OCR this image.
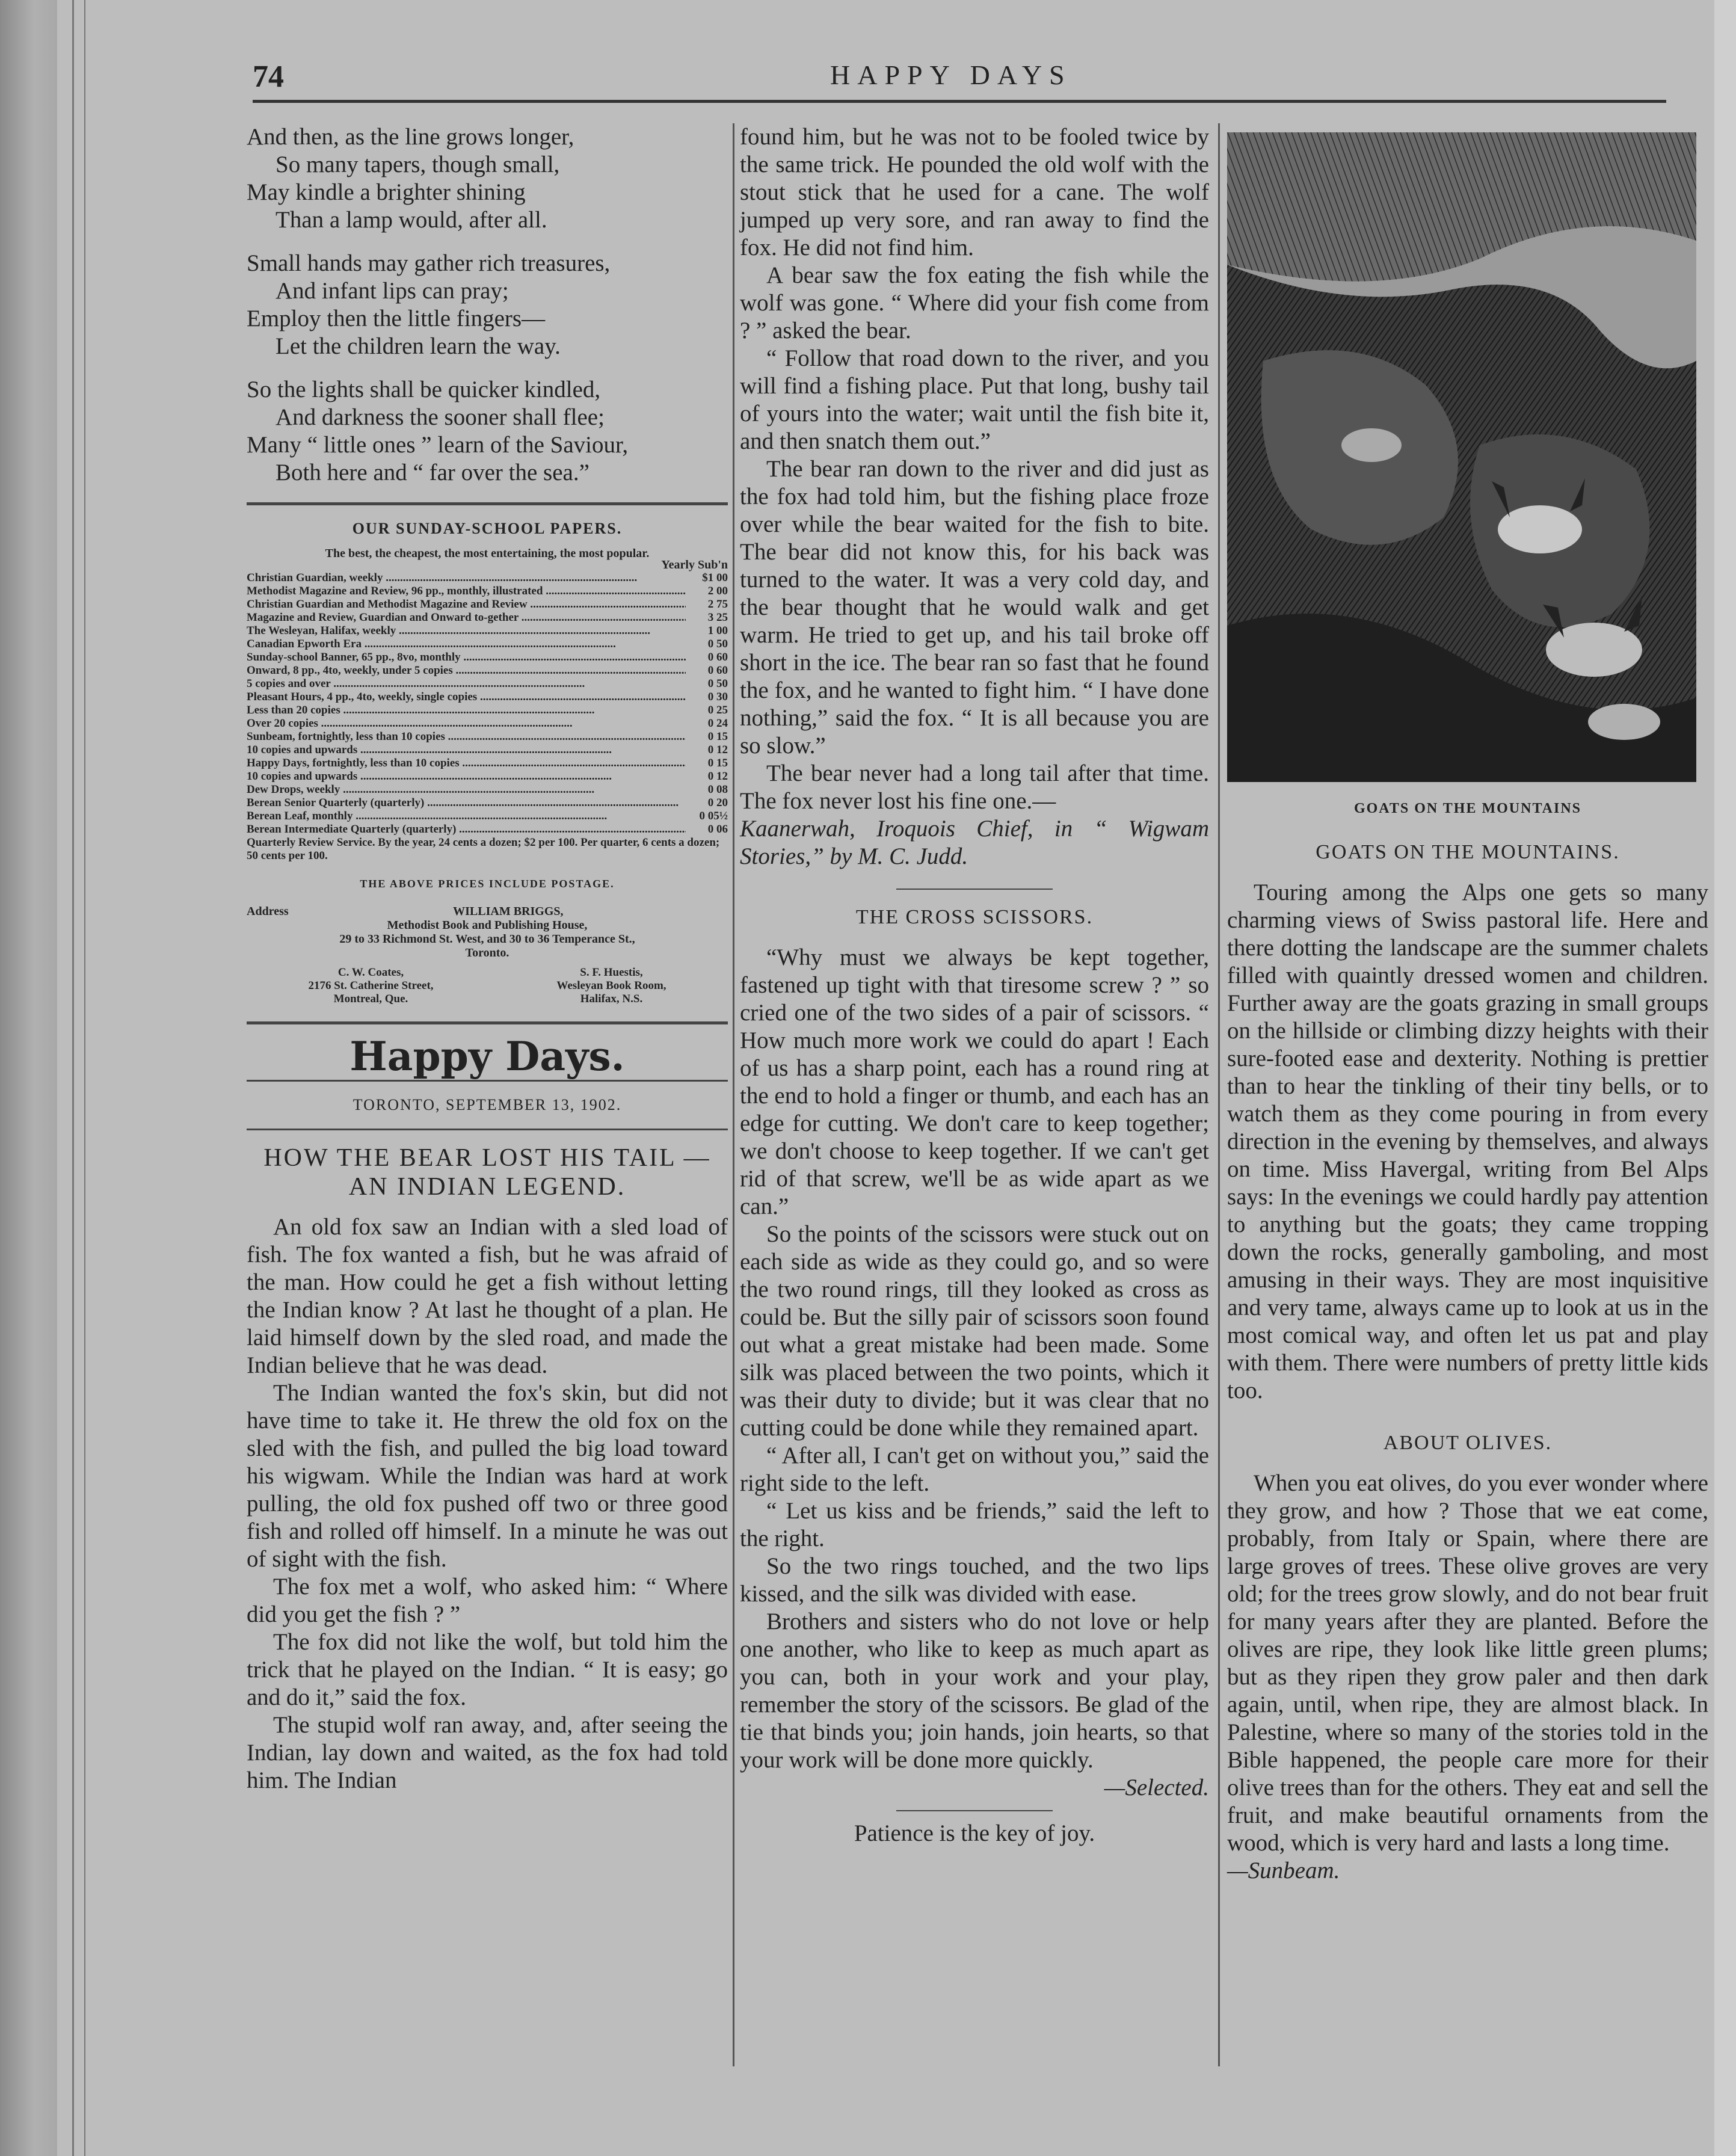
74	HAPPY DAYS
And then, as the line grows longer,
So many tapers, though small,
May kindle a brighter shining
Than a lamp would, after all.
Small hands may gather rich treasures,
And infant lips can pray;
Employ then the little fingers—
Let the children learn the way.
So the lights shall be quicker kindled,
And darkness the sooner shall flee;
Many “ little ones ” learn of the Saviour,
Both here and “ far over the sea.”
OUR SUNDAY-SCHOOL PAPERS.
The best, the cheapest, the most entertaining, the most popular.
Yearly Sub'n
Christian Guardian, weekly .....	$1 00
Methodist Magazine and Review, 96 pp., monthly, illustrated .....	2 00
Christian Guardian and Methodist Magazine and Review .....	2 75
Magazine and Review, Guardian and Onward to-gether .....	3 25
The Wesleyan, Halifax, weekly .....	1 00
Canadian Epworth Era .....	0 50
Sunday-school Banner, 65 pp., 8vo, monthly .....	0 60
Onward, 8 pp., 4to, weekly, under 5 copies .....	0 60
5 copies and over .....	0 50
Pleasant Hours, 4 pp., 4to, weekly, single copies .....	0 30
Less than 20 copies .....	0 25
Over 20 copies .....	0 24
Sunbeam, fortnightly, less than 10 copies .....	0 15
10 copies and upwards .....	0 12
Happy Days, fortnightly, less than 10 copies .....	0 15
10 copies and upwards .....	0 12
Dew Drops, weekly .....	0 08
Berean Senior Quarterly (quarterly) .....	0 20
Berean Leaf, monthly .....	0 05½
Berean Intermediate Quarterly (quarterly) .....	0 06
Quarterly Review Service. By the year, 24 cents a dozen; $2 per 100. Per quarter, 6 cents a dozen; 50 cents per 100.
THE ABOVE PRICES INCLUDE POSTAGE.
Address	WILLIAM BRIGGS,
Methodist Book and Publishing House,
29 to 33 Richmond St. West, and 30 to 36 Temperance St.,
Toronto.
C. W. Coates,
2176 St. Catherine Street,
Montreal, Que.
S. F. Huestis,
Wesleyan Book Room,
Halifax, N.S.
Happy Days.
TORONTO, SEPTEMBER 13, 1902.
HOW THE BEAR LOST HIS TAIL —AN INDIAN LEGEND.

An old fox saw an Indian with a sled load of fish. The fox wanted a fish, but he was afraid of the man. How could he get a fish without letting the Indian know ? At last he thought of a plan. He laid himself down by the sled road, and made the Indian believe that he was dead.

The Indian wanted the fox's skin, but did not have time to take it. He threw the old fox on the sled with the fish, and pulled the big load toward his wigwam. While the Indian was hard at work pulling, the old fox pushed off two or three good fish and rolled off himself. In a minute he was out of sight with the fish.

The fox met a wolf, who asked him: “ Where did you get the fish ? ”

The fox did not like the wolf, but told him the trick that he played on the Indian. “ It is easy; go and do it,” said the fox.

The stupid wolf ran away, and, after seeing the Indian, lay down and waited, as the fox had told him. The Indian

found him, but he was not to be fooled twice by the same trick. He pounded the old wolf with the stout stick that he used for a cane. The wolf jumped up very sore, and ran away to find the fox. He did not find him.

A bear saw the fox eating the fish while the wolf was gone. “ Where did your fish come from ? ” asked the bear.

“ Follow that road down to the river, and you will find a fishing place. Put that long, bushy tail of yours into the water; wait until the fish bite it, and then snatch them out.”

The bear ran down to the river and did just as the fox had told him, but the fishing place froze over while the bear waited for the fish to bite. The bear did not know this, for his back was turned to the water. It was a very cold day, and the bear thought that he would walk and get warm. He tried to get up, and his tail broke off short in the ice. The bear ran so fast that he found the fox, and he wanted to fight him. “ I have done nothing,” said the fox. “ It is all because you are so slow.”

The bear never had a long tail after that time. The fox never lost his fine one.—

Kaanerwah, Iroquois Chief, in “ Wigwam Stories,” by M. C. Judd.

THE CROSS SCISSORS.

“Why must we always be kept together, fastened up tight with that tiresome screw ? ” so cried one of the two sides of a pair of scissors. “ How much more work we could do apart ! Each of us has a sharp point, each has a round ring at the end to hold a finger or thumb, and each has an edge for cutting. We don't care to keep together; we don't choose to keep together. If we can't get rid of that screw, we'll be as wide apart as we can.”

So the points of the scissors were stuck out on each side as wide as they could go, and so were the two round rings, till they looked as cross as could be. But the silly pair of scissors soon found out what a great mistake had been made. Some silk was placed between the two points, which it was their duty to divide; but it was clear that no cutting could be done while they remained apart.

“ After all, I can't get on without you,” said the right side to the left.

“ Let us kiss and be friends,” said the left to the right.

So the two rings touched, and the two lips kissed, and the silk was divided with ease.

Brothers and sisters who do not love or help one another, who like to keep as much apart as you can, both in your work and your play, remember the story of the scissors. Be glad of the tie that binds you; join hands, join hearts, so that your work will be done more quickly.

—Selected.

Patience is the key of joy.
GOATS ON THE MOUNTAINS
GOATS ON THE MOUNTAINS.

Touring among the Alps one gets so many charming views of Swiss pastoral life. Here and there dotting the landscape are the summer chalets filled with quaintly dressed women and children. Further away are the goats grazing in small groups on the hillside or climbing dizzy heights with their sure-footed ease and dexterity. Nothing is prettier than to hear the tinkling of their tiny bells, or to watch them as they come pouring in from every direction in the evening by themselves, and always on time. Miss Havergal, writing from Bel Alps says: In the evenings we could hardly pay attention to anything but the goats; they came tropping down the rocks, generally gamboling, and most amusing in their ways. They are most inquisitive and very tame, always came up to look at us in the most comical way, and often let us pat and play with them. There were numbers of pretty little kids too.

ABOUT OLIVES.

When you eat olives, do you ever wonder where they grow, and how ? Those that we eat come, probably, from Italy or Spain, where there are large groves of trees. These olive groves are very old; for the trees grow slowly, and do not bear fruit for many years after they are planted. Before the olives are ripe, they look like little green plums; but as they ripen they grow paler and then dark again, until, when ripe, they are almost black. In Palestine, where so many of the stories told in the Bible happened, the people care more for their olive trees than for the others. They eat and sell the fruit, and make beautiful ornaments from the wood, which is very hard and lasts a long time.

—Sunbeam.
